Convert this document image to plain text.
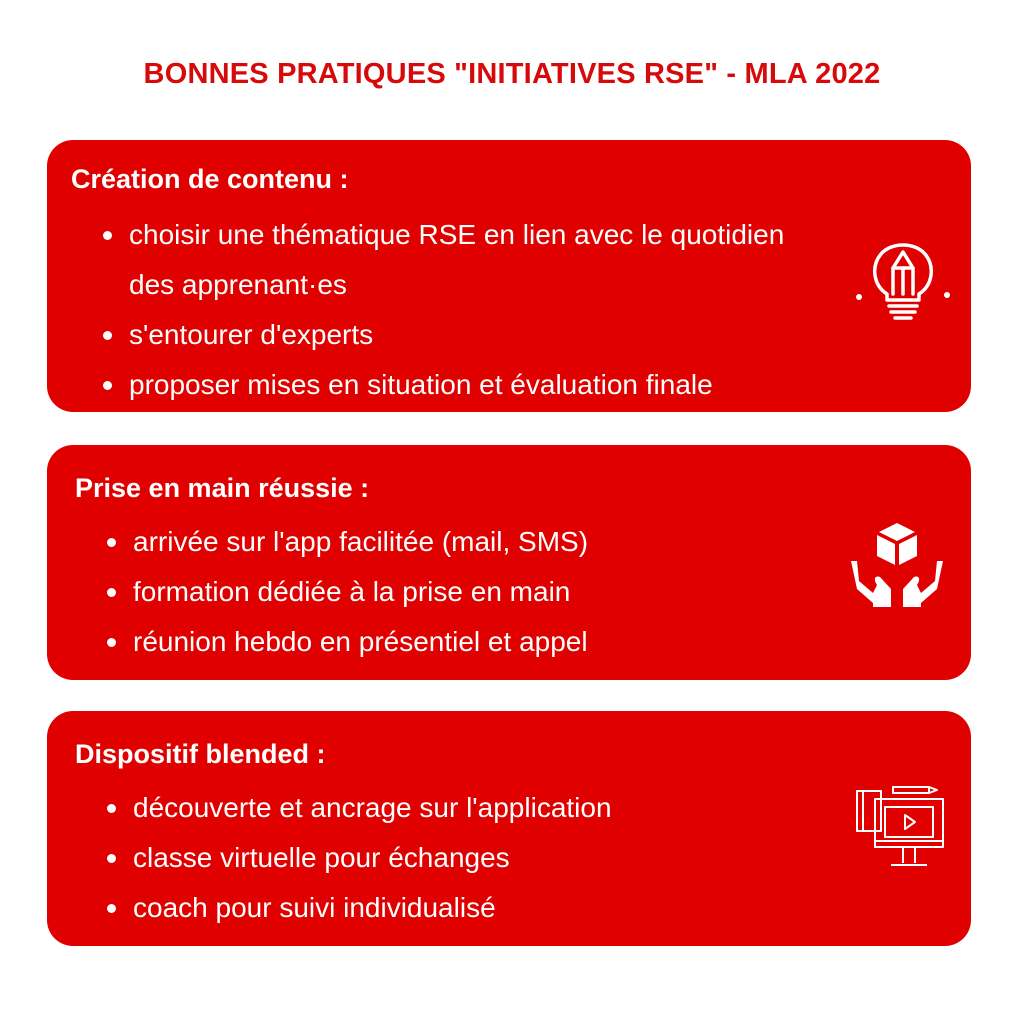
BONNES PRATIQUES "INITIATIVES RSE" - MLA 2022
Création de contenu :
choisir une thématique RSE en lien avec le quotidien des apprenant·es
s'entourer d'experts
proposer mises en situation et évaluation finale
Prise en main réussie :
arrivée sur l'app facilitée (mail, SMS)
formation dédiée à la prise en main
réunion hebdo en présentiel et appel
Dispositif blended :
découverte et ancrage sur l'application
classe virtuelle pour échanges
coach pour suivi individualisé
